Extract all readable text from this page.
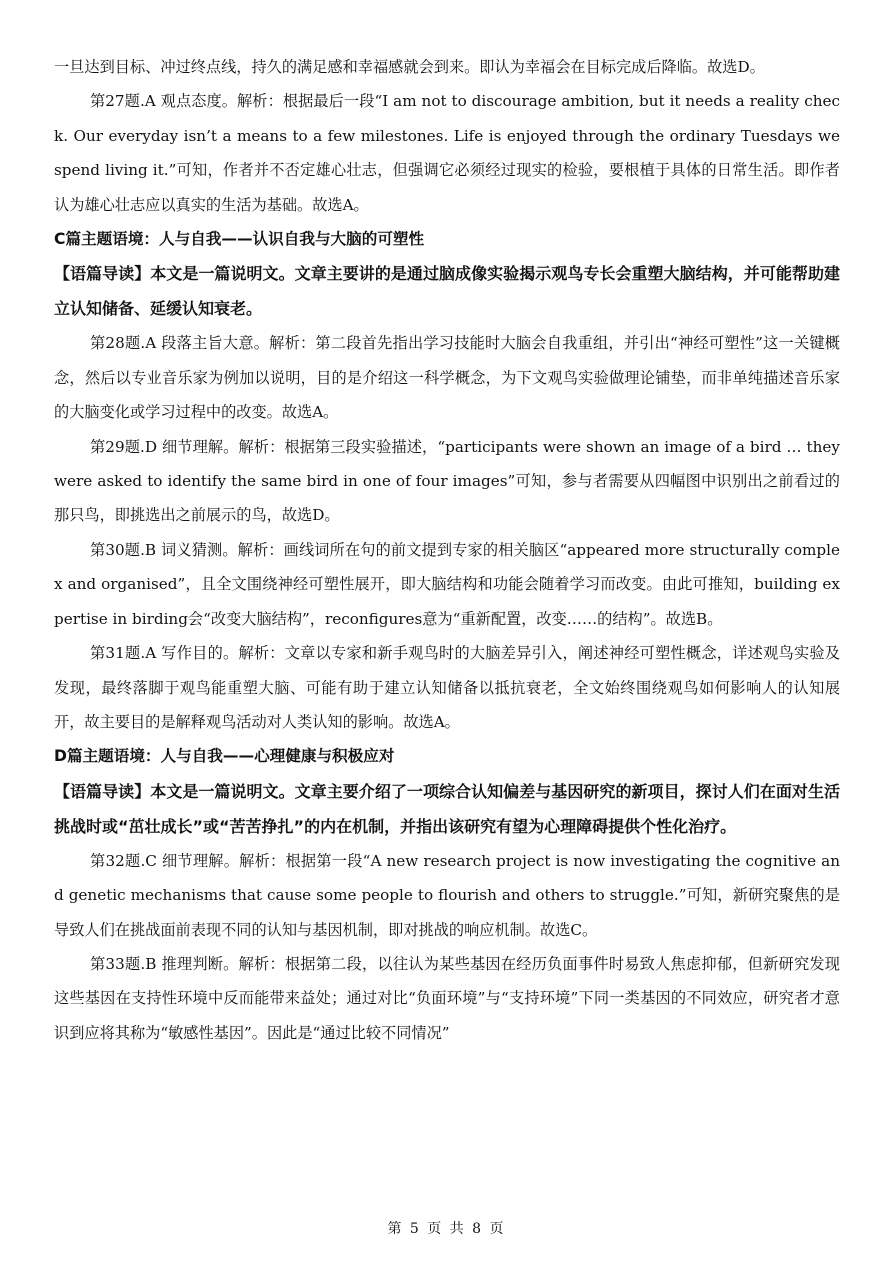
一旦达到目标、冲过终点线，持久的满足感和幸福感就会到来。即认为幸福会在目标完成后降临。故选D。

第27题.A 观点态度。解析：根据最后一段“I am not to discourage ambition, but it needs a reality check. Our everyday isn’t a means to a few milestones. Life is enjoyed through the ordinary Tuesdays we spend living it.”可知，作者并不否定雄心壮志，但强调它必须经过现实的检验，要根植于具体的日常生活。即作者认为雄心壮志应以真实的生活为基础。故选A。

C篇主题语境：人与自我——认识自我与大脑的可塑性
【语篇导读】本文是一篇说明文。文章主要讲的是通过脑成像实验揭示观鸟专长会重塑大脑结构，并可能帮助建立认知储备、延缓认知衰老。

第28题.A 段落主旨大意。解析：第二段首先指出学习技能时大脑会自我重组，并引出“神经可塑性”这一关键概念，然后以专业音乐家为例加以说明，目的是介绍这一科学概念，为下文观鸟实验做理论铺垫，而非单纯描述音乐家的大脑变化或学习过程中的改变。故选A。

第29题.D 细节理解。解析：根据第三段实验描述，“participants were shown an image of a bird … they were asked to identify the same bird in one of four images”可知，参与者需要从四幅图中识别出之前看过的那只鸟，即挑选出之前展示的鸟，故选D。

第30题.B 词义猜测。解析：画线词所在句的前文提到专家的相关脑区“appeared more structurally complex and organised”，且全文围绕神经可塑性展开，即大脑结构和功能会随着学习而改变。由此可推知，building expertise in birding会“改变大脑结构”，reconfigures意为“重新配置，改变……的结构”。故选B。

第31题.A 写作目的。解析：文章以专家和新手观鸟时的大脑差异引入，阐述神经可塑性概念，详述观鸟实验及发现，最终落脚于观鸟能重塑大脑、可能有助于建立认知储备以抵抗衰老，全文始终围绕观鸟如何影响人的认知展开，故主要目的是解释观鸟活动对人类认知的影响。故选A。

D篇主题语境：人与自我——心理健康与积极应对
【语篇导读】本文是一篇说明文。文章主要介绍了一项综合认知偏差与基因研究的新项目，探讨人们在面对生活挑战时或“茁壮成长”或“苦苦挣扎”的内在机制，并指出该研究有望为心理障碍提供个性化治疗。

第32题.C 细节理解。解析：根据第一段“A new research project is now investigating the cognitive and genetic mechanisms that cause some people to flourish and others to struggle.”可知，新研究聚焦的是导致人们在挑战面前表现不同的认知与基因机制，即对挑战的响应机制。故选C。

第33题.B 推理判断。解析：根据第二段，以往认为某些基因在经历负面事件时易致人焦虑抑郁，但新研究发现这些基因在支持性环境中反而能带来益处；通过对比“负面环境”与“支持环境”下同一类基因的不同效应，研究者才意识到应将其称为“敏感性基因”。因此是“通过比较不同情况”

第 5 页 共 8 页
